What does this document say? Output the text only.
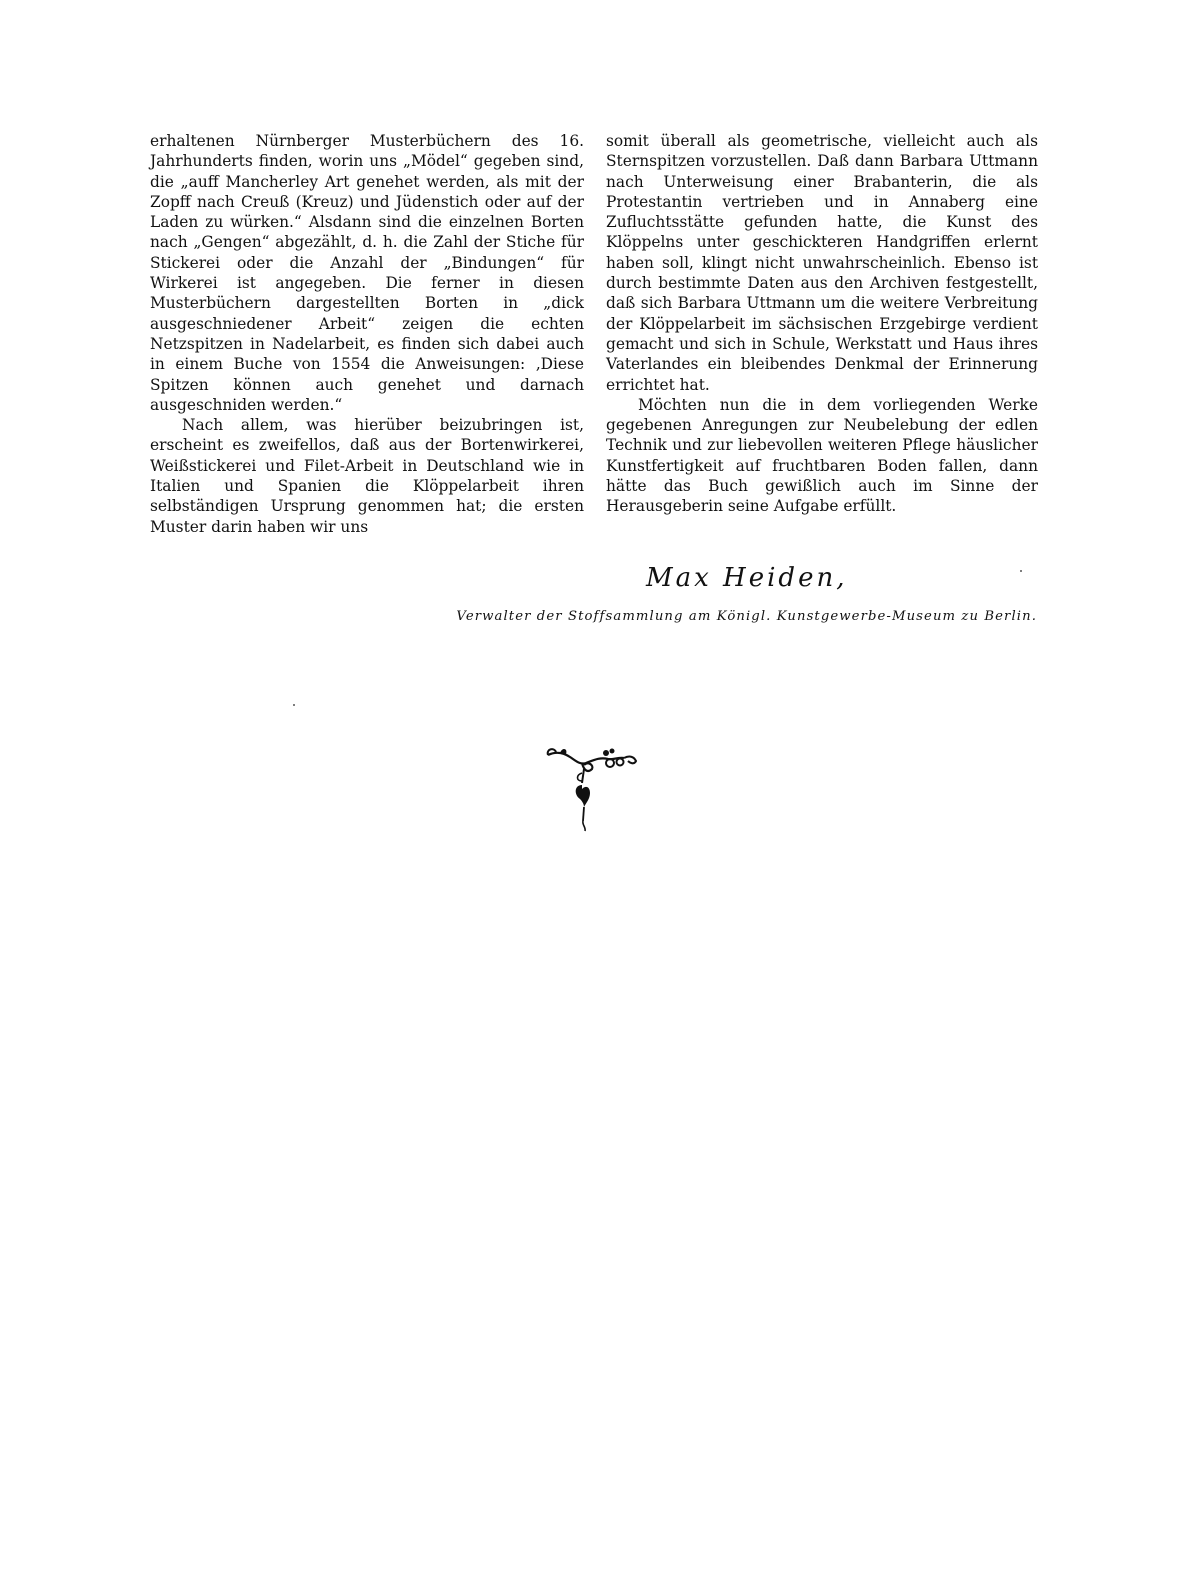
erhaltenen Nürnberger Musterbüchern des 16. Jahrhunderts finden, worin uns „Mödel“ gegeben sind, die „auff Mancherley Art genehet werden, als mit der Zopff nach Creuß (Kreuz) und Jüdenstich oder auf der Laden zu würken.“ Alsdann sind die einzelnen Borten nach „Gengen“ abgezählt, d. h. die Zahl der Stiche für Stickerei oder die Anzahl der „Bindungen“ für Wirkerei ist angegeben. Die ferner in diesen Musterbüchern dargestellten Borten in „dick ausgeschniedener Arbeit“ zeigen die echten Netzspitzen in Nadelarbeit, es finden sich dabei auch in einem Buche von 1554 die Anweisungen: ‚Diese Spitzen können auch genehet und darnach ausgeschniden werden.“

Nach allem, was hierüber beizubringen ist, erscheint es zweifellos, daß aus der Bortenwirkerei, Weißstickerei und Filet-Arbeit in Deutschland wie in Italien und Spanien die Klöppelarbeit ihren selbständigen Ursprung genommen hat; die ersten Muster darin haben wir uns

somit überall als geometrische, vielleicht auch als Sternspitzen vorzustellen. Daß dann Barbara Uttmann nach Unterweisung einer Brabanterin, die als Protestantin vertrieben und in Annaberg eine Zufluchtsstätte gefunden hatte, die Kunst des Klöppelns unter geschickteren Handgriffen erlernt haben soll, klingt nicht unwahrscheinlich. Ebenso ist durch bestimmte Daten aus den Archiven festgestellt, daß sich Barbara Uttmann um die weitere Verbreitung der Klöppelarbeit im sächsischen Erzgebirge verdient gemacht und sich in Schule, Werkstatt und Haus ihres Vaterlandes ein bleibendes Denkmal der Erinnerung errichtet hat.

Möchten nun die in dem vorliegenden Werke gegebenen Anregungen zur Neubelebung der edlen Technik und zur liebevollen weiteren Pflege häuslicher Kunstfertigkeit auf fruchtbaren Boden fallen, dann hätte das Buch gewißlich auch im Sinne der Herausgeberin seine Aufgabe erfüllt.

Max Heiden,
Verwalter der Stoffsammlung am Königl. Kunstgewerbe-Museum zu Berlin.
